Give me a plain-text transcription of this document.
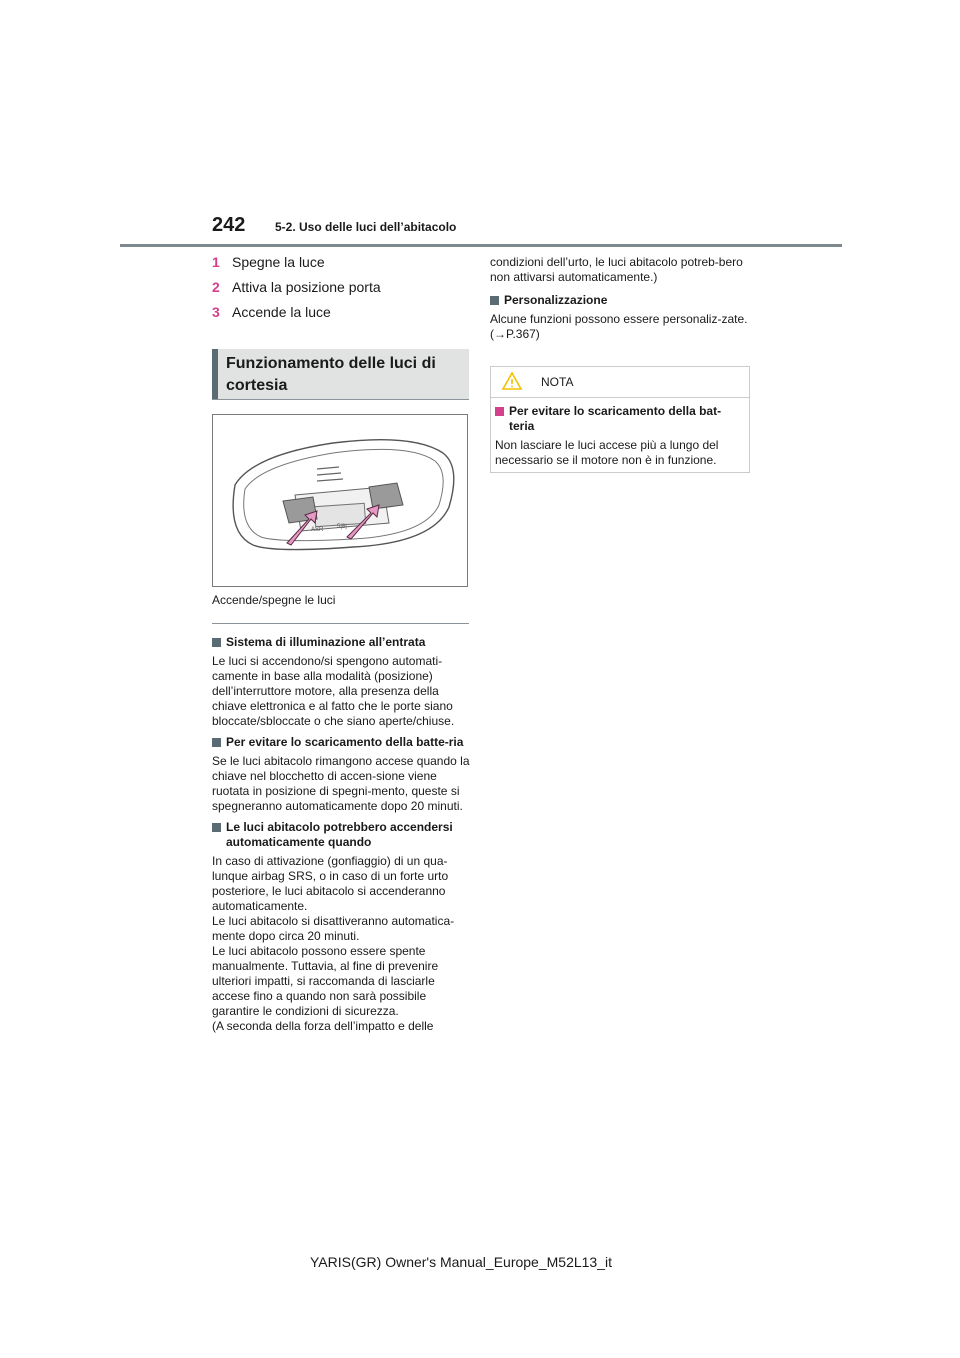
242 5-2. Uso delle luci dell’abitacolo
1 Spegne la luce
2 Attiva la posizione porta
3 Accende la luce
Funzionamento delle luci di
cortesia
ASR 5|8|
Accende/spegne le luci
Sistema di illuminazione all’entrata
Le luci si accendono/si spengono automati-camente in base alla modalità (posizione) dell’interruttore motore, alla presenza della chiave elettronica e al fatto che le porte siano bloccate/sbloccate o che siano aperte/chiuse.
Per evitare lo scaricamento della batte-ria
Se le luci abitacolo rimangono accese quando la chiave nel blocchetto di accen-sione viene ruotata in posizione di spegni-mento, queste si spegneranno automaticamente dopo 20 minuti.
Le luci abitacolo potrebbero accendersi automaticamente quando
In caso di attivazione (gonfiaggio) di un qua-lunque airbag SRS, o in caso di un forte urto posteriore, le luci abitacolo si accenderanno automaticamente.
Le luci abitacolo si disattiveranno automatica-mente dopo circa 20 minuti.
Le luci abitacolo possono essere spente manualmente. Tuttavia, al fine di prevenire ulteriori impatti, si raccomanda di lasciarle accese fino a quando non sarà possibile garantire le condizioni di sicurezza.
(A seconda della forza dell’impatto e delle
condizioni dell’urto, le luci abitacolo potreb-bero non attivarsi automaticamente.)
Personalizzazione
Alcune funzioni possono essere personaliz-zate. (→P.367)
NOTA
Per evitare lo scaricamento della bat-teria
Non lasciare le luci accese più a lungo del necessario se il motore non è in funzione.
YARIS(GR) Owner's Manual_Europe_M52L13_it
